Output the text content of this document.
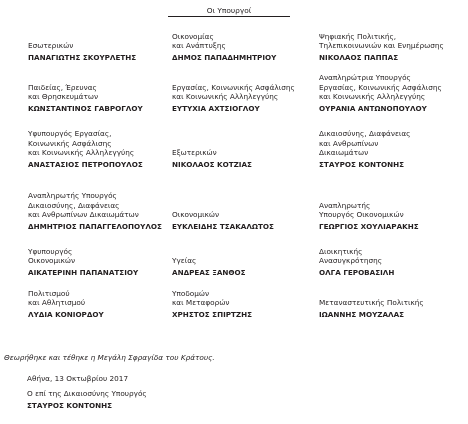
Οι Υπουργοί
Εσωτερικών
ΠΑΝΑΓΙΩΤΗΣ ΣΚΟΥΡΛΕΤΗΣ
Οικονομίας
και Ανάπτυξης
ΔΗΜΟΣ ΠΑΠΑΔΗΜΗΤΡΙΟΥ
Ψηφιακής Πολιτικής,
Τηλεπικοινωνιών και Ενημέρωσης
ΝΙΚΟΛΑΟΣ ΠΑΠΠΑΣ
Παιδείας, Έρευνας
και Θρησκευμάτων
ΚΩΝΣΤΑΝΤΙΝΟΣ ΓΑΒΡΟΓΛΟΥ
Εργασίας, Κοινωνικής Ασφάλισης
και Κοινωνικής Αλληλεγγύης
ΕΥΤΥΧΙΑ ΑΧΤΣΙΟΓΛΟΥ
Αναπληρώτρια Υπουργός
Εργασίας, Κοινωνικής Ασφάλισης
και Κοινωνικής Αλληλεγγύης
ΟΥΡΑΝΙΑ ΑΝΤΩΝΟΠΟΥΛΟΥ
Υφυπουργός Εργασίας,
Κοινωνικής Ασφάλισης
και Κοινωνικής Αλληλεγγύης
ΑΝΑΣΤΑΣΙΟΣ ΠΕΤΡΟΠΟΥΛΟΣ
Εξωτερικών
ΝΙΚΟΛΑΟΣ ΚΟΤΖΙΑΣ
Δικαιοσύνης, Διαφάνειας
και Ανθρωπίνων
Δικαιωμάτων
ΣΤΑΥΡΟΣ ΚΟΝΤΟΝΗΣ
Αναπληρωτής Υπουργός
Δικαιοσύνης, Διαφάνειας
και Ανθρωπίνων Δικαιωμάτων
ΔΗΜΗΤΡΙΟΣ ΠΑΠΑΓΓΕΛΟΠΟΥΛΟΣ
Οικονομικών
ΕΥΚΛΕΙΔΗΣ ΤΣΑΚΑΛΩΤΟΣ
Αναπληρωτής
Υπουργός Οικονομικών
ΓΕΩΡΓΙΟΣ ΧΟΥΛΙΑΡΑΚΗΣ
Υφυπουργός
Οικονομικών
ΑΙΚΑΤΕΡΙΝΗ ΠΑΠΑΝΑΤΣΙΟΥ
Υγείας
ΑΝΔΡΕΑΣ ΞΑΝΘΟΣ
Διοικητικής
Ανασυγκρότησης
ΟΛΓΑ ΓΕΡΟΒΑΣΙΛΗ
Πολιτισμού
και Αθλητισμού
ΛΥΔΙΑ ΚΟΝΙΟΡΔΟΥ
Υποδομών
και Μεταφορών
ΧΡΗΣΤΟΣ ΣΠΙΡΤΖΗΣ
Μεταναστευτικής Πολιτικής
ΙΩΑΝΝΗΣ ΜΟΥΖΑΛΑΣ
Θεωρήθηκε και τέθηκε η Μεγάλη Σφραγίδα του Κράτους.
Αθήνα, 13 Οκτωβρίου 2017
Ο επί της Δικαιοσύνης Υπουργός
ΣΤΑΥΡΟΣ ΚΟΝΤΟΝΗΣ
